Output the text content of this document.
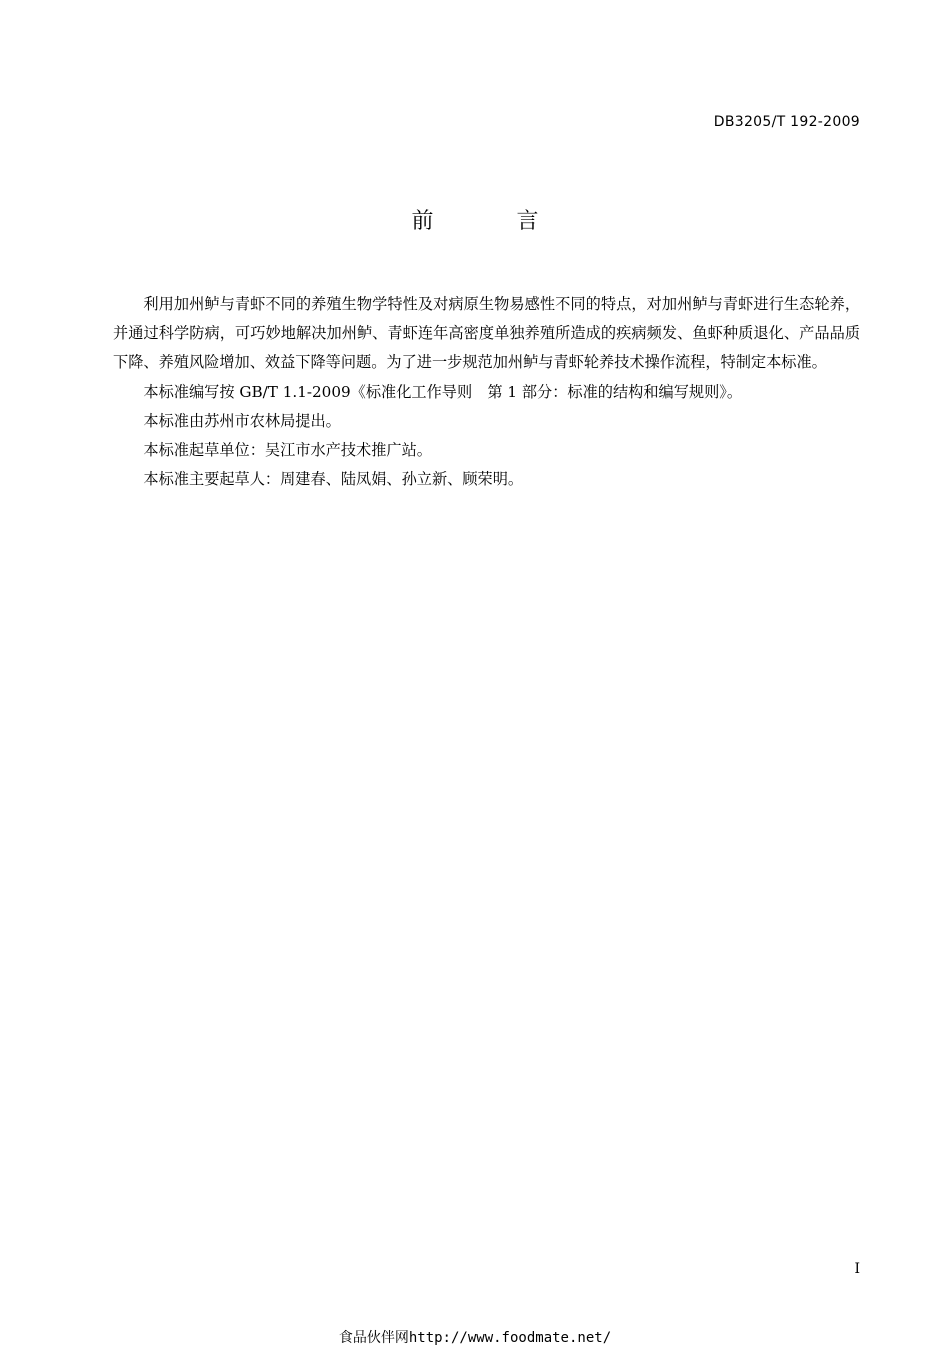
DB3205/T 192-2009
前 言

利用加州鲈与青虾不同的养殖生物学特性及对病原生物易感性不同的特点，对加州鲈与青虾进行生态轮养，并通过科学防病，可巧妙地解决加州鲈、青虾连年高密度单独养殖所造成的疾病频发、鱼虾种质退化、产品品质下降、养殖风险增加、效益下降等问题。为了进一步规范加州鲈与青虾轮养技术操作流程，特制定本标准。

本标准编写按 GB/T 1.1-2009《标准化工作导则　第 1 部分：标准的结构和编写规则》。

本标准由苏州市农林局提出。

本标准起草单位：吴江市水产技术推广站。

本标准主要起草人：周建春、陆凤娟、孙立新、顾荣明。

I
食品伙伴网http://www.foodmate.net/
